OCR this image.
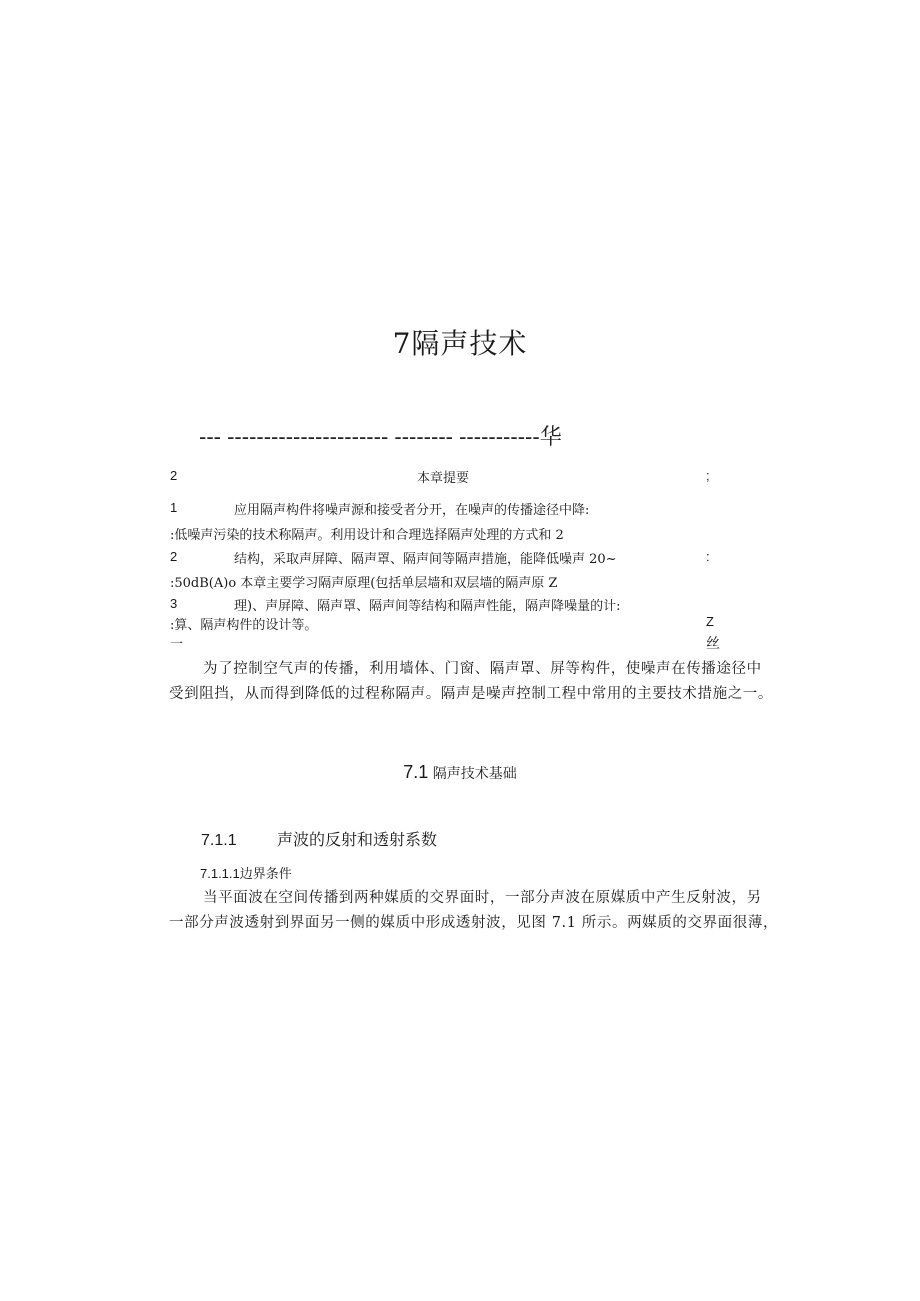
7隔声技术
--- ---------------------- -------- -----------华
2	本章提要	;
1	应用隔声构件将噪声源和接受者分开，在噪声的传播途径中降:
:低噪声污染的技术称隔声。利用设计和合理选择隔声处理的方式和 2
2	结构，采取声屏障、隔声罩、隔声间等隔声措施，能降低噪声 20~	:
:50dB(A)o 本章主要学习隔声原理(包括单层墙和双层墙的隔声原 Z
3	理)、声屏障、隔声罩、隔声间等结构和隔声性能，隔声降噪量的计:
:算、隔声构件的设计等。	Z
一	丝
为了控制空气声的传播，利用墙体、门窗、隔声罩、屏等构件，使噪声在传播途径中
受到阻挡，从而得到降低的过程称隔声。隔声是噪声控制工程中常用的主要技术措施之一。
7.1 隔声技术基础
7.1.1	声波的反射和透射系数
7.1.1.1边界条件
当平面波在空间传播到两种媒质的交界面时，一部分声波在原媒质中产生反射波，另
一部分声波透射到界面另一侧的媒质中形成透射波，见图 7.1 所示。两媒质的交界面很薄，
